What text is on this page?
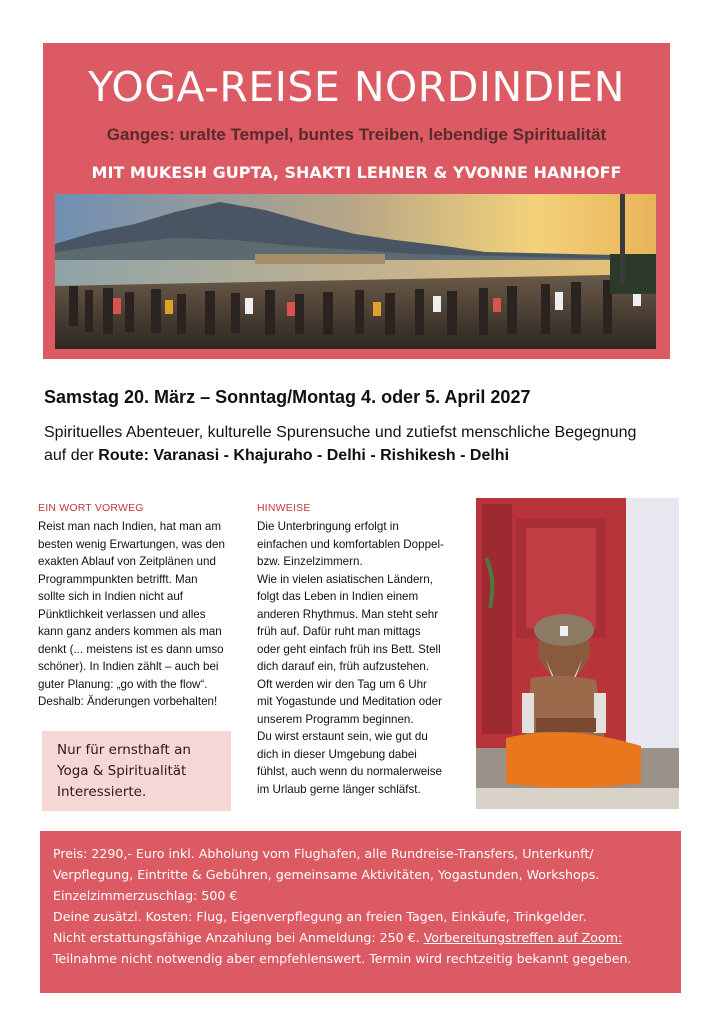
YOGA-REISE NORDINDIEN
Ganges: uralte Tempel, buntes Treiben, lebendige Spiritualität
MIT MUKESH GUPTA, SHAKTI LEHNER & YVONNE HANHOFF
Samstag 20. März – Sonntag/Montag 4. oder 5. April 2027
Spirituelles Abenteuer, kulturelle Spurensuche und zutiefst menschliche Begegnung
auf der Route: Varanasi - Khajuraho - Delhi - Rishikesh - Delhi
EIN WORT VORWEG
Reist man nach Indien, hat man am
besten wenig Erwartungen, was den
exakten Ablauf von Zeitplänen und
Programmpunkten betrifft. Man
sollte sich in Indien nicht auf
Pünktlichkeit verlassen und alles
kann ganz anders kommen als man
denkt (... meistens ist es dann umso
schöner). In Indien zählt – auch bei
guter Planung: „go with the flow“.
Deshalb: Änderungen vorbehalten!
HINWEISE
Die Unterbringung erfolgt in
einfachen und komfortablen Doppel-
bzw. Einzelzimmern.
Wie in vielen asiatischen Ländern,
folgt das Leben in Indien einem
anderen Rhythmus. Man steht sehr
früh auf. Dafür ruht man mittags
oder geht einfach früh ins Bett. Stell
dich darauf ein, früh aufzustehen.
Oft werden wir den Tag um 6 Uhr
mit Yogastunde und Meditation oder
unserem Programm beginnen.
Du wirst erstaunt sein, wie gut du
dich in dieser Umgebung dabei
fühlst, auch wenn du normalerweise
im Urlaub gerne länger schläfst.
Nur für ernsthaft an
Yoga & Spiritualität
Interessierte.

Preis: 2290,- Euro inkl. Abholung vom Flughafen, alle Rundreise-Transfers, Unterkunft/

Verpflegung, Eintritte & Gebühren, gemeinsame Aktivitäten, Yogastunden, Workshops.

Einzelzimmerzuschlag: 500 €

Deine zusätzl. Kosten: Flug, Eigenverpflegung an freien Tagen, Einkäufe, Trinkgelder.

Nicht erstattungsfähige Anzahlung bei Anmeldung: 250 €. Vorbereitungstreffen auf Zoom:

Teilnahme nicht notwendig aber empfehlenswert. Termin wird rechtzeitig bekannt gegeben.
